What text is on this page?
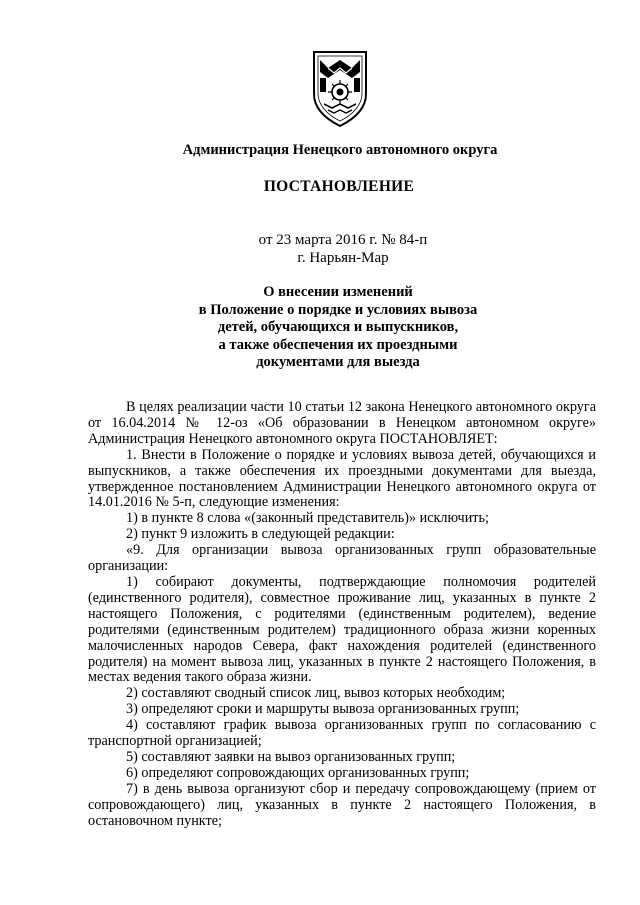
Администрация Ненецкого автономного округа
ПОСТАНОВЛЕНИЕ
от 23 марта 2016 г. № 84-п
г. Нарьян-Мар
О внесении изменений
в Положение о порядке и условиях вывоза
детей, обучающихся и выпускников,
а также обеспечения их проездными
документами для выезда

В целях реализации части 10 статьи 12 закона Ненецкого автономного округа от 16.04.2014 № 12-оз «Об образовании в Ненецком автономном округе» Администрация Ненецкого автономного округа ПОСТАНОВЛЯЕТ:

1. Внести в Положение о порядке и условиях вывоза детей, обучающихся и выпускников, а также обеспечения их проездными документами для выезда, утвержденное постановлением Администрации Ненецкого автономного округа от 14.01.2016 № 5-п, следующие изменения:

1) в пункте 8 слова «(законный представитель)» исключить;

2) пункт 9 изложить в следующей редакции:

«9. Для организации вывоза организованных групп образовательные организации:

1) собирают документы, подтверждающие полномочия родителей (единственного родителя), совместное проживание лиц, указанных в пункте 2 настоящего Положения, с родителями (единственным родителем), ведение родителями (единственным родителем) традиционного образа жизни коренных малочисленных народов Севера, факт нахождения родителей (единственного родителя) на момент вывоза лиц, указанных в пункте 2 настоящего Положения, в местах ведения такого образа жизни.

2) составляют сводный список лиц, вывоз которых необходим;

3) определяют сроки и маршруты вывоза организованных групп;

4) составляют график вывоза организованных групп по согласованию с транспортной организацией;

5) составляют заявки на вывоз организованных групп;

6) определяют сопровождающих организованных групп;

7) в день вывоза организуют сбор и передачу сопровождающему (прием от сопровождающего) лиц, указанных в пункте 2 настоящего Положения, в остановочном пункте;
